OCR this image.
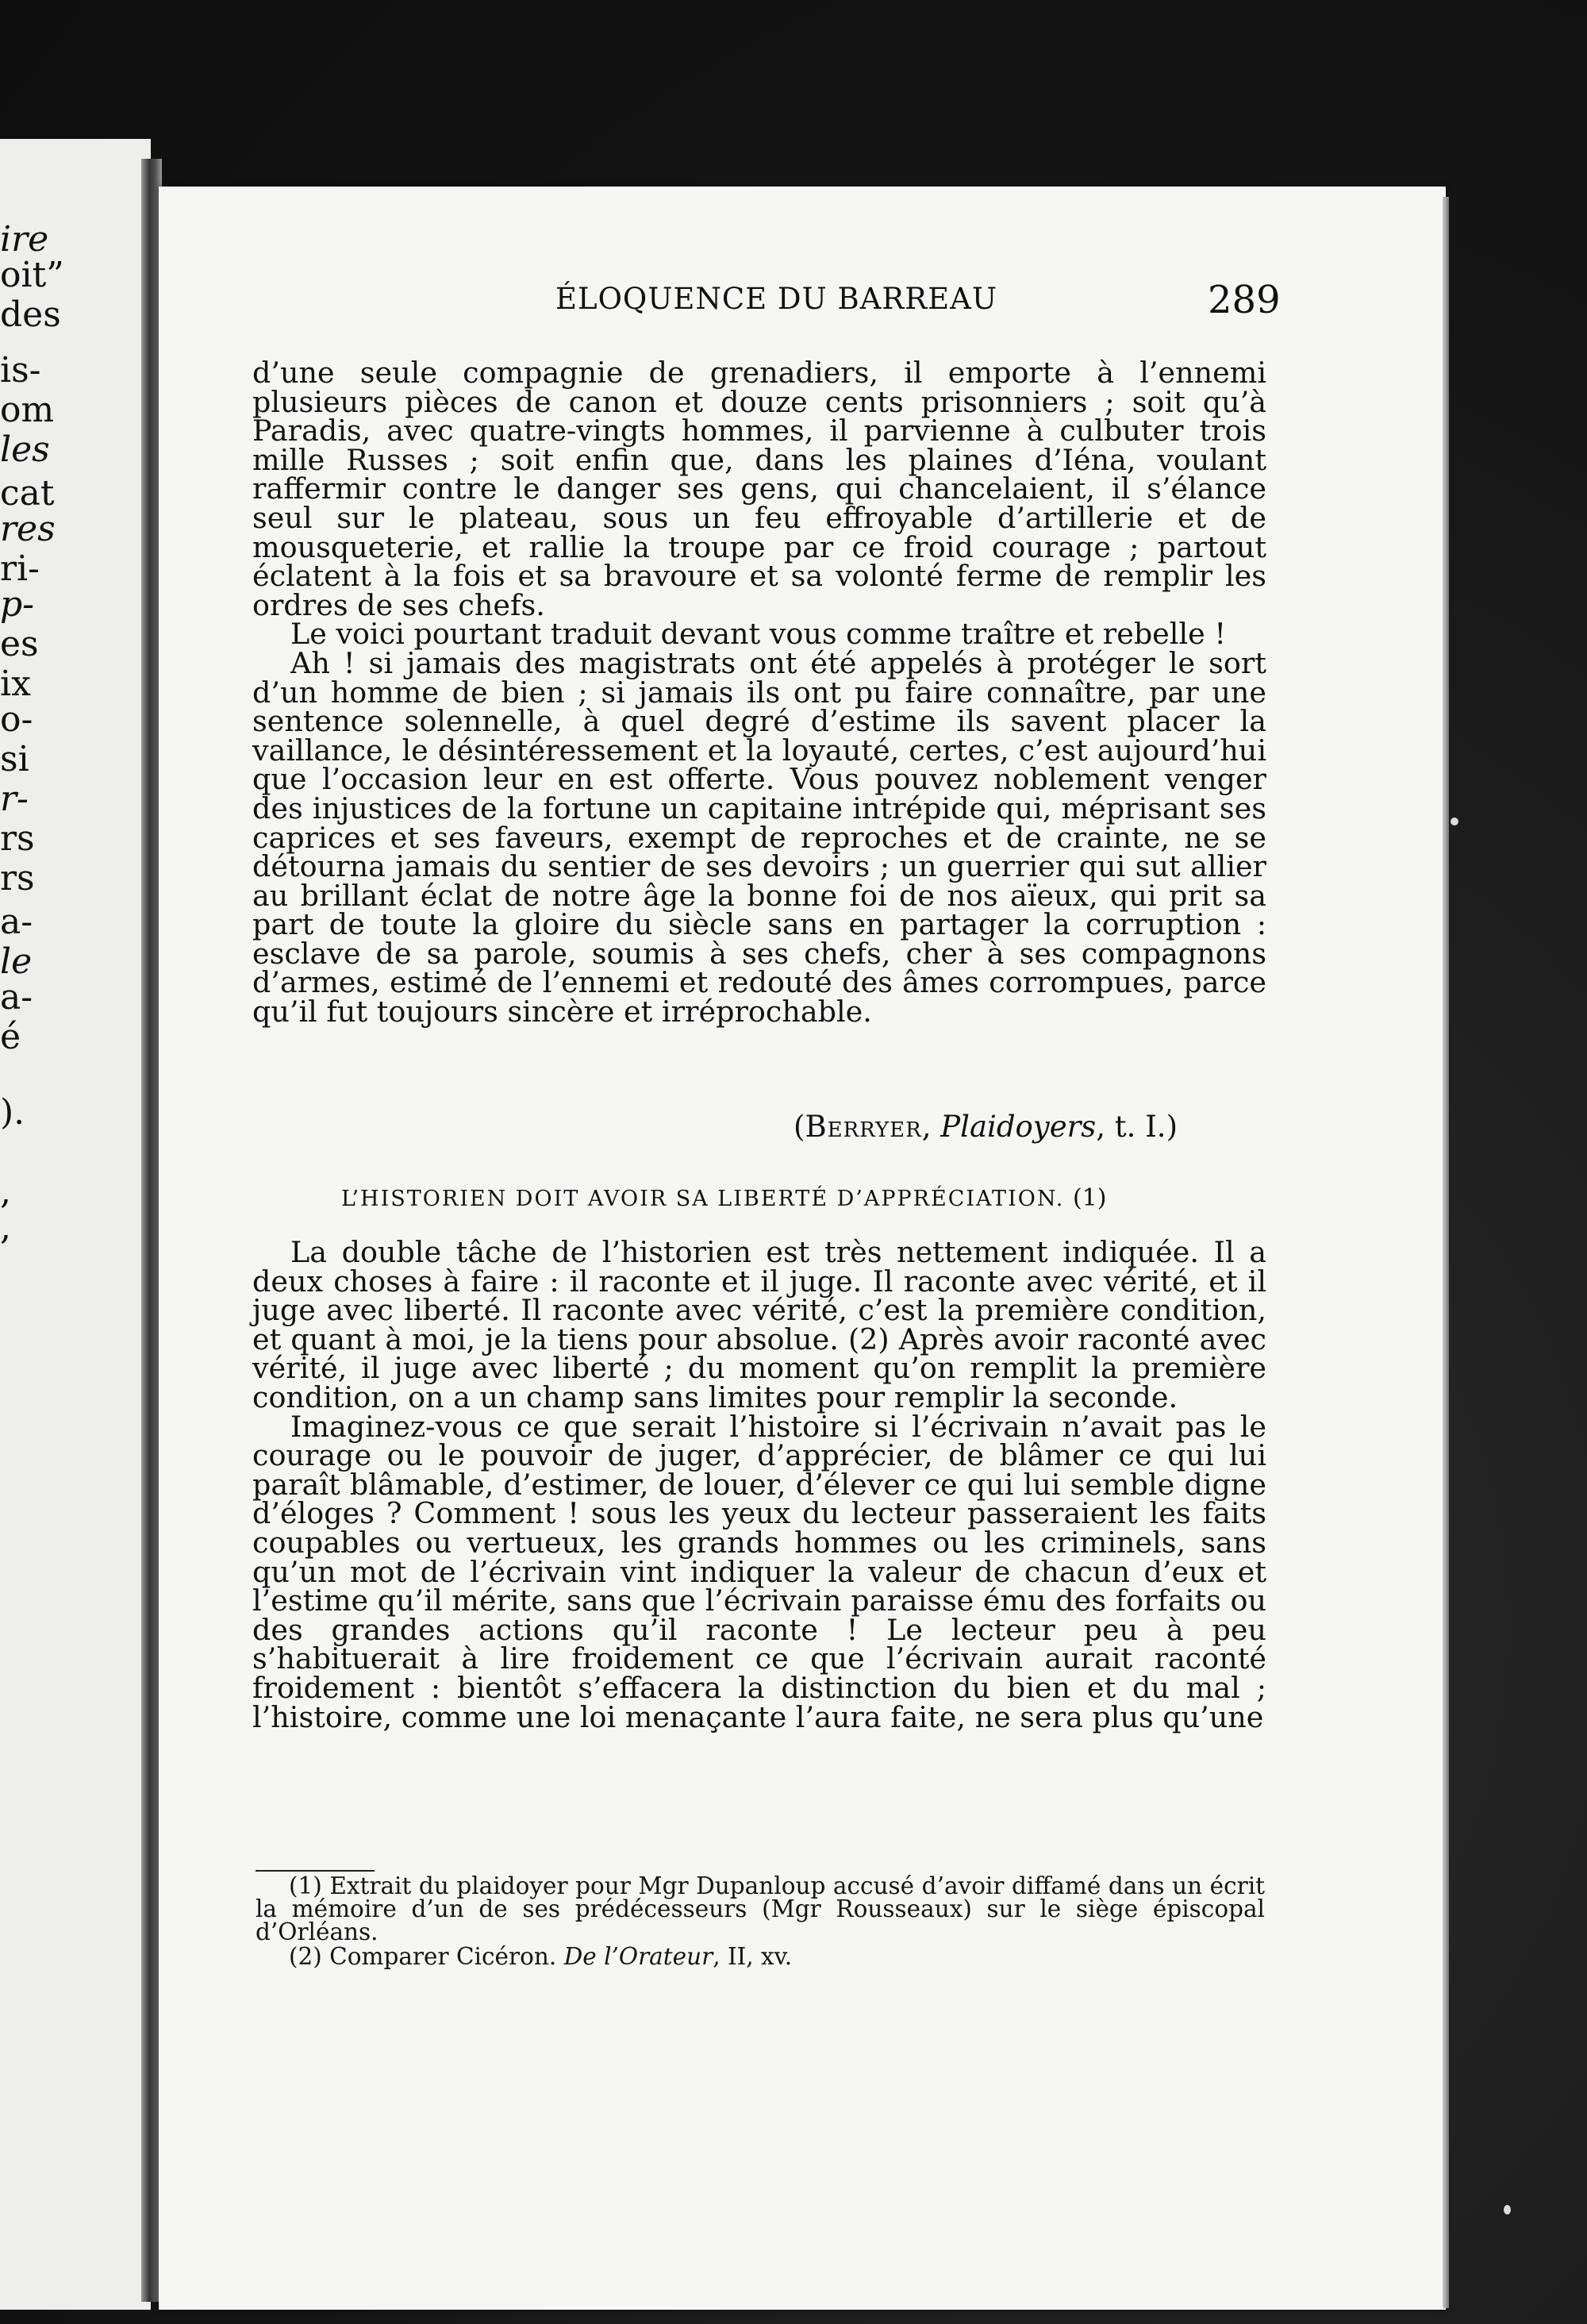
ire
oit”
des
is-
om
les
cat
res
ri-
p-
es
ix
o-
si
r-
rs
rs
a-
le
a-
é
).
,
,
ÉLOQUENCE DU BARREAU	289

d’une seule compagnie de grenadiers, il emporte à l’ennemi plusieurs pièces de canon et douze cents prisonniers ; soit qu’à Paradis, avec quatre-vingts hommes, il parvienne à culbuter trois mille Russes ; soit enfin que, dans les plaines d’Iéna, voulant raffermir contre le danger ses gens, qui chancelaient, il s’élance seul sur le plateau, sous un feu effroyable d’artillerie et de mousqueterie, et rallie la troupe par ce froid courage ; partout éclatent à la fois et sa bravoure et sa volonté ferme de remplir les ordres de ses chefs.

Le voici pourtant traduit devant vous comme traître et rebelle !

Ah ! si jamais des magistrats ont été appelés à protéger le sort d’un homme de bien ; si jamais ils ont pu faire connaître, par une sentence solennelle, à quel degré d’estime ils savent placer la vaillance, le désintéressement et la loyauté, certes, c’est aujourd’hui que l’occasion leur en est offerte. Vous pouvez noblement venger des injustices de la fortune un capitaine intrépide qui, méprisant ses caprices et ses faveurs, exempt de reproches et de crainte, ne se détourna jamais du sentier de ses devoirs ; un guerrier qui sut allier au brillant éclat de notre âge la bonne foi de nos aïeux, qui prit sa part de toute la gloire du siècle sans en partager la corruption : esclave de sa parole, soumis à ses chefs, cher à ses compagnons d’armes, estimé de l’ennemi et redouté des âmes corrompues, parce qu’il fut toujours sincère et irréprochable.

(Berryer, Plaidoyers, t. I.)
L’HISTORIEN DOIT AVOIR SA LIBERTÉ D’APPRÉCIATION. (1)

La double tâche de l’historien est très nettement indiquée. Il a deux choses à faire : il raconte et il juge. Il raconte avec vérité, et il juge avec liberté. Il raconte avec vérité, c’est la première condition, et quant à moi, je la tiens pour absolue. (2) Après avoir raconté avec vérité, il juge avec liberté ; du moment qu’on remplit la première condition, on a un champ sans limites pour remplir la seconde.

Imaginez-vous ce que serait l’histoire si l’écrivain n’avait pas le courage ou le pouvoir de juger, d’apprécier, de blâmer ce qui lui paraît blâmable, d’estimer, de louer, d’élever ce qui lui semble digne d’éloges ? Comment ! sous les yeux du lecteur passeraient les faits coupables ou vertueux, les grands hommes ou les criminels, sans qu’un mot de l’écrivain vint indiquer la valeur de chacun d’eux et l’estime qu’il mérite, sans que l’écrivain paraisse ému des forfaits ou des grandes actions qu’il raconte ! Le lecteur peu à peu s’habituerait à lire froidement ce que l’écrivain aurait raconté froidement : bientôt s’effacera la distinction du bien et du mal ; l’histoire, comme une loi menaçante l’aura faite, ne sera plus qu’une

(1) Extrait du plaidoyer pour Mgr Dupanloup accusé d’avoir diffamé dans un écrit la mémoire d’un de ses prédécesseurs (Mgr Rousseaux) sur le siège épiscopal d’Orléans.

(2) Comparer Cicéron. De l’Orateur, II, xv.
